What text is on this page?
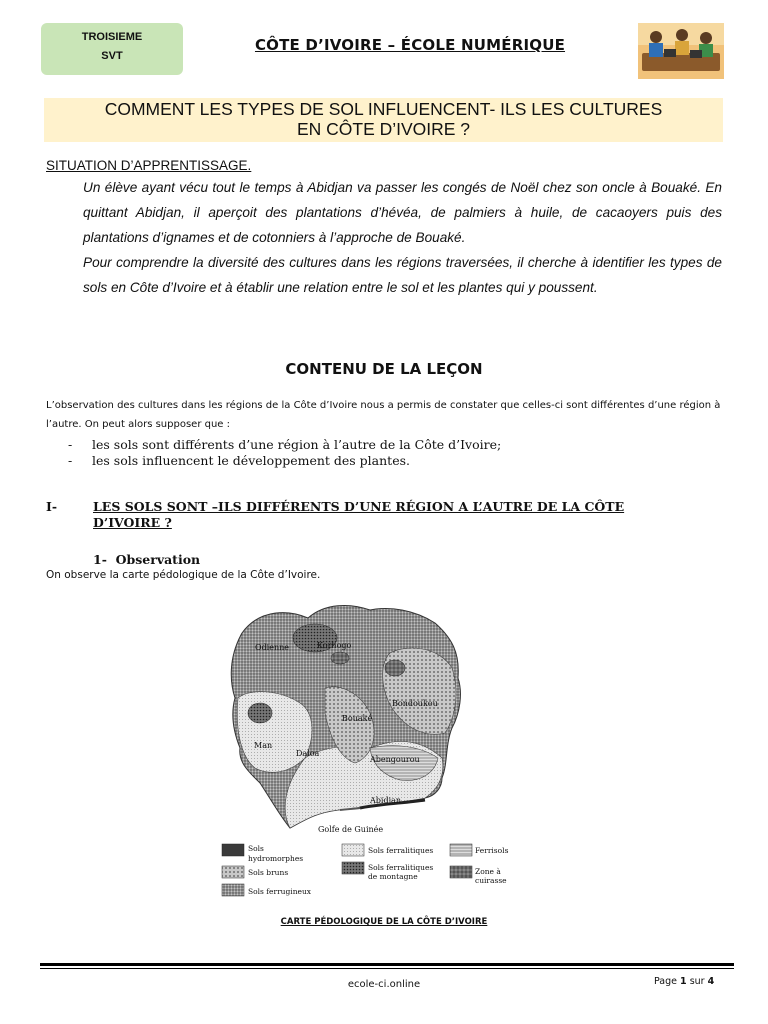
TROISIEME
SVT
CÔTE D’IVOIRE – ÉCOLE NUMÉRIQUE
COMMENT LES TYPES DE SOL INFLUENCENT- ILS LES CULTURES
EN CÔTE D’IVOIRE ?
SITUATION D’APPRENTISSAGE.

Un élève ayant vécu tout le temps à Abidjan va passer les congés de Noël chez son oncle à Bouaké. En quittant Abidjan, il aperçoit des plantations d’hévéa, de palmiers à huile, de cacaoyers puis des plantations d’ignames et de cotonniers à l’approche de Bouaké.

Pour comprendre la diversité des cultures dans les régions traversées, il cherche à identifier les types de sols en Côte d’Ivoire et à établir une relation entre le sol et les plantes qui y poussent.

CONTENU DE LA LEÇON

L’observation des cultures dans les régions de la Côte d’Ivoire nous a permis de constater que celles-ci sont différentes d’une région à l’autre. On peut alors supposer que :

- les sols sont différents d’une région à l’autre de la Côte d’Ivoire;
- les sols influencent le développement des plantes.
I-	LES SOLS SONT –ILS DIFFÉRENTS D’UNE RÉGION A L’AUTRE DE LA CÔTE D’IVOIRE ?
1- Observation
On observe la carte pédologique de la Côte d’Ivoire.
Odienne	Korhogo
Bondoukou
Bouaké
Man
Daloa
Abengourou
Abidjan
Golfe de Guinée
Sols
hydromorphes
Sols bruns
Sols ferrugineux
Sols ferralitiques
Sols ferralitiques
de montagne
Ferrisols
Zone à
cuirasse
CARTE PÉDOLOGIQUE DE LA CÔTE D’IVOIRE
ecole-ci.online	Page 1 sur 4
